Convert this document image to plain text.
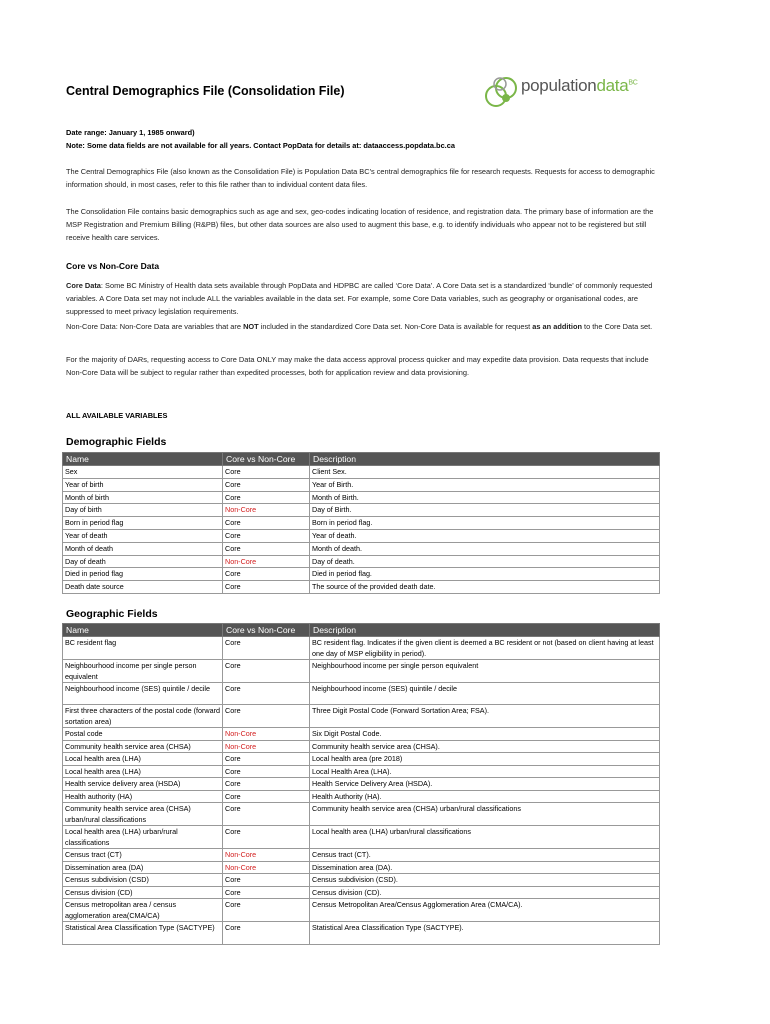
populationdata$^{BC}$
Central Demographics File (Consolidation File)
Date range: January 1, 1985 onward)
Note: Some data fields are not available for all years. Contact PopData for details at: dataaccess.popdata.bc.ca
The Central Demographics File (also known as the Consolidation File) is Population Data BC's central demographics file for research requests. Requests for access to demographic information should, in most cases, refer to this file rather than to individual content data files.
The Consolidation File contains basic demographics such as age and sex, geo-codes indicating location of residence, and registration data. The primary base of information are the MSP Registration and Premium Billing (R&PB) files, but other data sources are also used to augment this base, e.g. to identify individuals who appear not to be registered but still receive health care services.
Core vs Non-Core Data
Core Data: Some BC Ministry of Health data sets available through PopData and HDPBC are called ‘Core Data’. A Core Data set is a standardized ‘bundle’ of commonly requested variables. A Core Data set may not include ALL the variables available in the data set. For example, some Core Data variables, such as geography or organisational codes, are suppressed to meet privacy legislation requirements.
Non-Core Data: Non-Core Data are variables that are NOT included in the standardized Core Data set. Non-Core Data is available for request as an addition to the Core Data set.
For the majority of DARs, requesting access to Core Data ONLY may make the data access approval process quicker and may expedite data provision. Data requests that include Non-Core Data will be subject to regular rather than expedited processes, both for application review and data provisioning.
ALL AVAILABLE VARIABLES
Demographic Fields
Name	Core vs Non-Core	Description
Sex	Core	Client Sex.
Year of birth	Core	Year of Birth.
Month of birth	Core	Month of Birth.
Day of birth	Non-Core	Day of Birth.
Born in period flag	Core	Born in period flag.
Year of death	Core	Year of death.
Month of death	Core	Month of death.
Day of death	Non-Core	Day of death.
Died in period flag	Core	Died in period flag.
Death date source	Core	The source of the provided death date.
Geographic Fields
Name	Core vs Non-Core	Description
BC resident flag	Core	BC resident flag. Indicates if the given client is deemed a BC resident or not (based on client having at least one day of MSP eligibility in period).
Neighbourhood income per single person equivalent	Core	Neighbourhood income per single person equivalent
Neighbourhood income (SES) quintile / decile	Core	Neighbourhood income (SES) quintile / decile
First three characters of the postal code (forward sortation area)	Core	Three Digit Postal Code (Forward Sortation Area; FSA).
Postal code	Non-Core	Six Digit Postal Code.
Community health service area (CHSA)	Non-Core	Community health service area (CHSA).
Local health area (LHA)	Core	Local health area (pre 2018)
Local health area (LHA)	Core	Local Health Area (LHA).
Health service delivery area (HSDA)	Core	Health Service Delivery Area (HSDA).
Health authority (HA)	Core	Health Authority (HA).
Community health service area (CHSA) urban/rural classifications	Core	Community health service area (CHSA) urban/rural classifications
Local health area (LHA) urban/rural classifications	Core	Local health area (LHA) urban/rural classifications
Census tract (CT)	Non-Core	Census tract (CT).
Dissemination area (DA)	Non-Core	Dissemination area (DA).
Census subdivision (CSD)	Core	Census subdivision (CSD).
Census division (CD)	Core	Census division (CD).
Census metropolitan area / census agglomeration area(CMA/CA)	Core	Census Metropolitan Area/Census Agglomeration Area (CMA/CA).
Statistical Area Classification Type (SACTYPE)	Core	Statistical Area Classification Type (SACTYPE).
